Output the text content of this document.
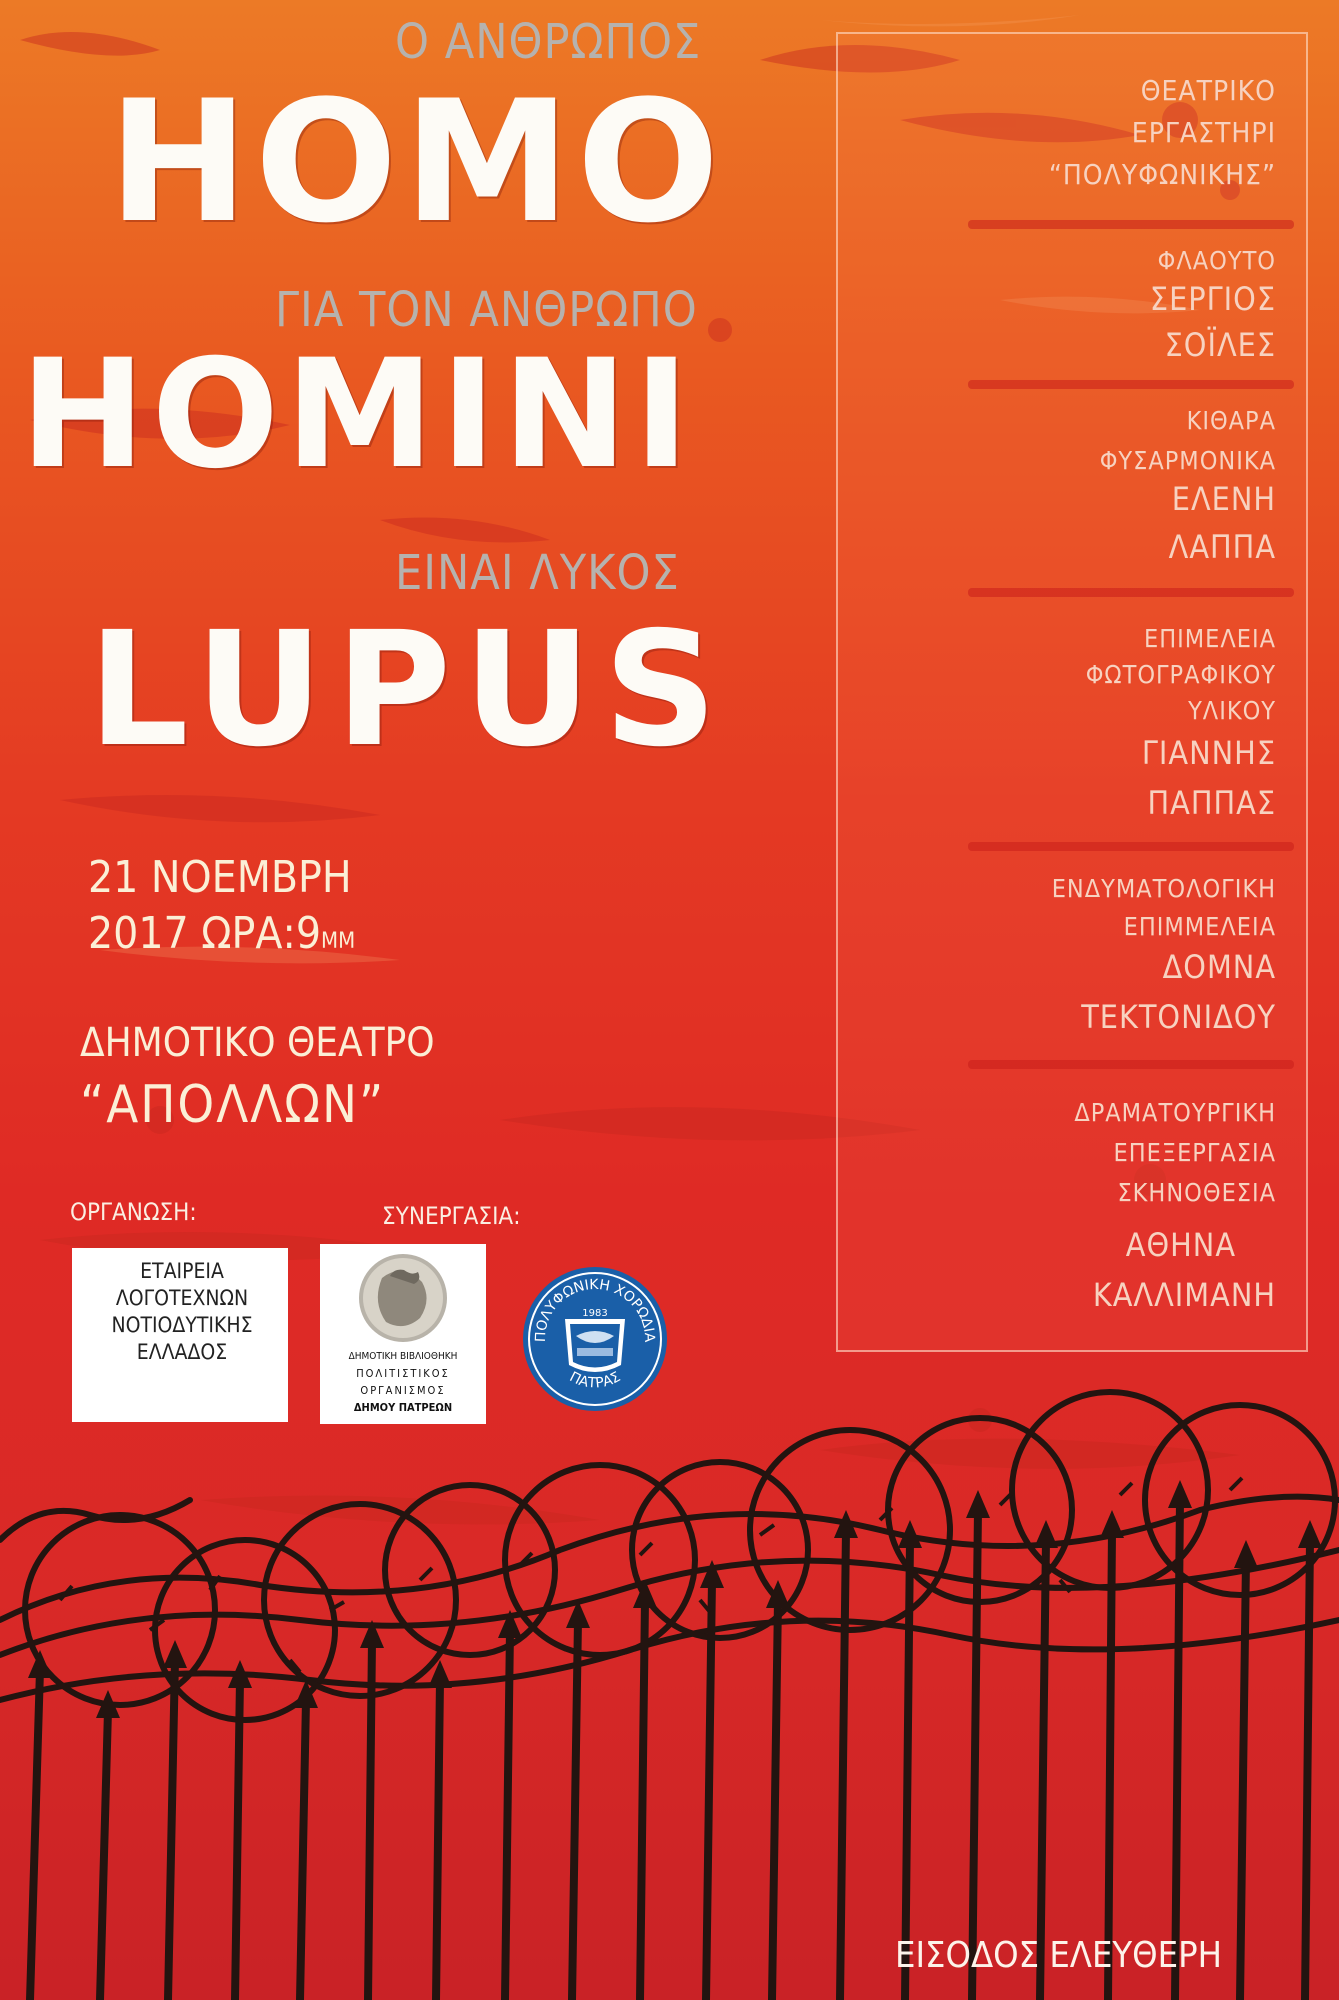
Ο ΑΝΘΡΩΠΟΣ
HOMO
ΓΙΑ ΤΟΝ ΑΝΘΡΩΠΟ
HOMINI
ΕΙΝΑΙ ΛΥΚΟΣ
LUPUS
21 ΝΟΕΜΒΡΗ
2017 ΩΡΑ:9ΜΜ
ΔΗΜΟΤΙΚΟ ΘΕΑΤΡΟ
“ΑΠΟΛΛΩΝ”
ΟΡΓΑΝΩΣΗ:	ΣΥΝΕΡΓΑΣΙΑ:
ΕΤΑΙΡΕΙΑ
ΛΟΓΟΤΕΧΝΩΝ
ΝΟΤΙΟΔΥΤΙΚΗΣ
ΕΛΛΑΔΟΣ	ΔΗΜΟΤΙΚΗ ΒΙΒΛΙΟΘΗΚΗ
ΠΟΛΙΤΙΣΤΙΚΟΣ
ΟΡΓΑΝΙΣΜΟΣ
ΔΗΜΟΥ ΠΑΤΡΕΩΝ
ΠΟΛΥΦΩΝΙΚΗ ΧΟΡΩΔΙΑ
ΠΑΤΡΑΣ
1983
ΘΕΑΤΡΙΚΟ
ΕΡΓΑΣΤΗΡΙ
“ΠΟΛΥΦΩΝΙΚΗΣ”
ΦΛΑΟΥΤΟ
ΣΕΡΓΙΟΣ
ΣΟΪΛΕΣ
ΚΙΘΑΡΑ
ΦΥΣΑΡΜΟΝΙΚΑ
ΕΛΕΝΗ
ΛΑΠΠΑ
ΕΠΙΜΕΛΕΙΑ
ΦΩΤΟΓΡΑΦΙΚΟΥ
ΥΛΙΚΟΥ
ΓΙΑΝΝΗΣ
ΠΑΠΠΑΣ
ΕΝΔΥΜΑΤΟΛΟΓΙΚΗ
ΕΠΙΜΜΕΛΕΙΑ
ΔΟΜΝΑ
ΤΕΚΤΟΝΙΔΟΥ
ΔΡΑΜΑΤΟΥΡΓΙΚΗ
ΕΠΕΞΕΡΓΑΣΙΑ
ΣΚΗΝΟΘΕΣΙΑ
ΑΘΗΝΑ
ΚΑΛΛΙΜΑΝΗ
ΕΙΣΟΔΟΣ ΕΛΕΥΘΕΡΗ
